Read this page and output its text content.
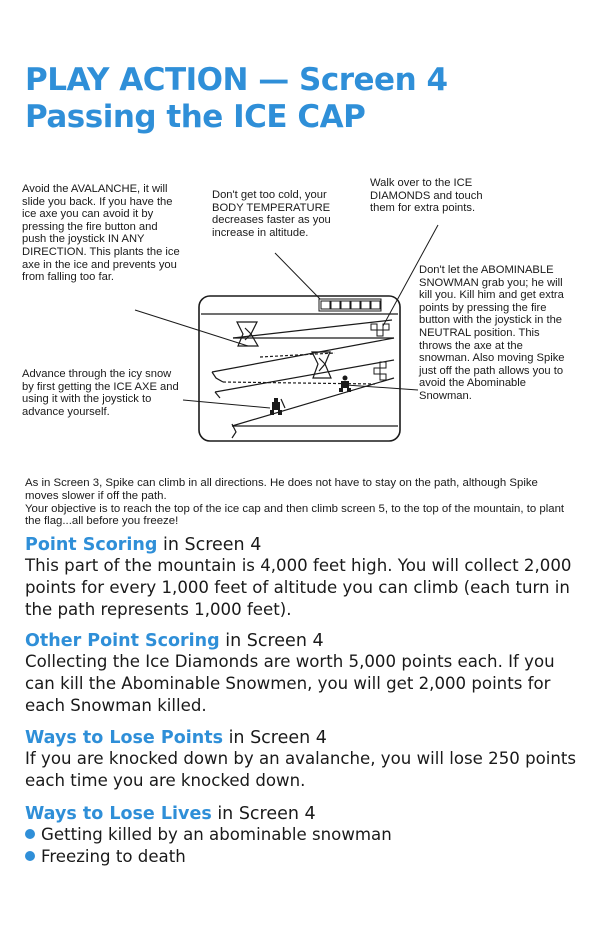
PLAY ACTION — Screen 4
Passing the ICE CAP
Avoid the AVALANCHE, it will slide you back. If you have the ice axe you can avoid it by pressing the fire button and push the joystick IN ANY DIRECTION. This plants the ice axe in the ice and prevents you from falling too far.
Don't get too cold, your BODY TEMPERATURE decreases faster as you increase in altitude.
Walk over to the ICE DIAMONDS and touch them for extra points.
Don't let the ABOMINABLE SNOWMAN grab you; he will kill you. Kill him and get extra points by pressing the fire button with the joystick in the NEUTRAL position. This throws the axe at the snowman. Also moving Spike just off the path allows you to avoid the Abominable Snowman.
Advance through the icy snow by first getting the ICE AXE and using it with the joystick to advance yourself.

As in Screen 3, Spike can climb in all directions. He does not have to stay on the path, although Spike moves slower if off the path.

Your objective is to reach the top of the ice cap and then climb screen 5, to the top of the mountain, to plant the flag...all before you freeze!

Point Scoring in Screen 4

This part of the mountain is 4,000 feet high. You will collect 2,000 points for every 1,000 feet of altitude you can climb (each turn in the path represents 1,000 feet).

Other Point Scoring in Screen 4

Collecting the Ice Diamonds are worth 5,000 points each. If you can kill the Abominable Snowmen, you will get 2,000 points for each Snowman killed.

Ways to Lose Points in Screen 4

If you are knocked down by an avalanche, you will lose 250 points each time you are knocked down.

Ways to Lose Lives in Screen 4
Getting killed by an abominable snowman
Freezing to death
